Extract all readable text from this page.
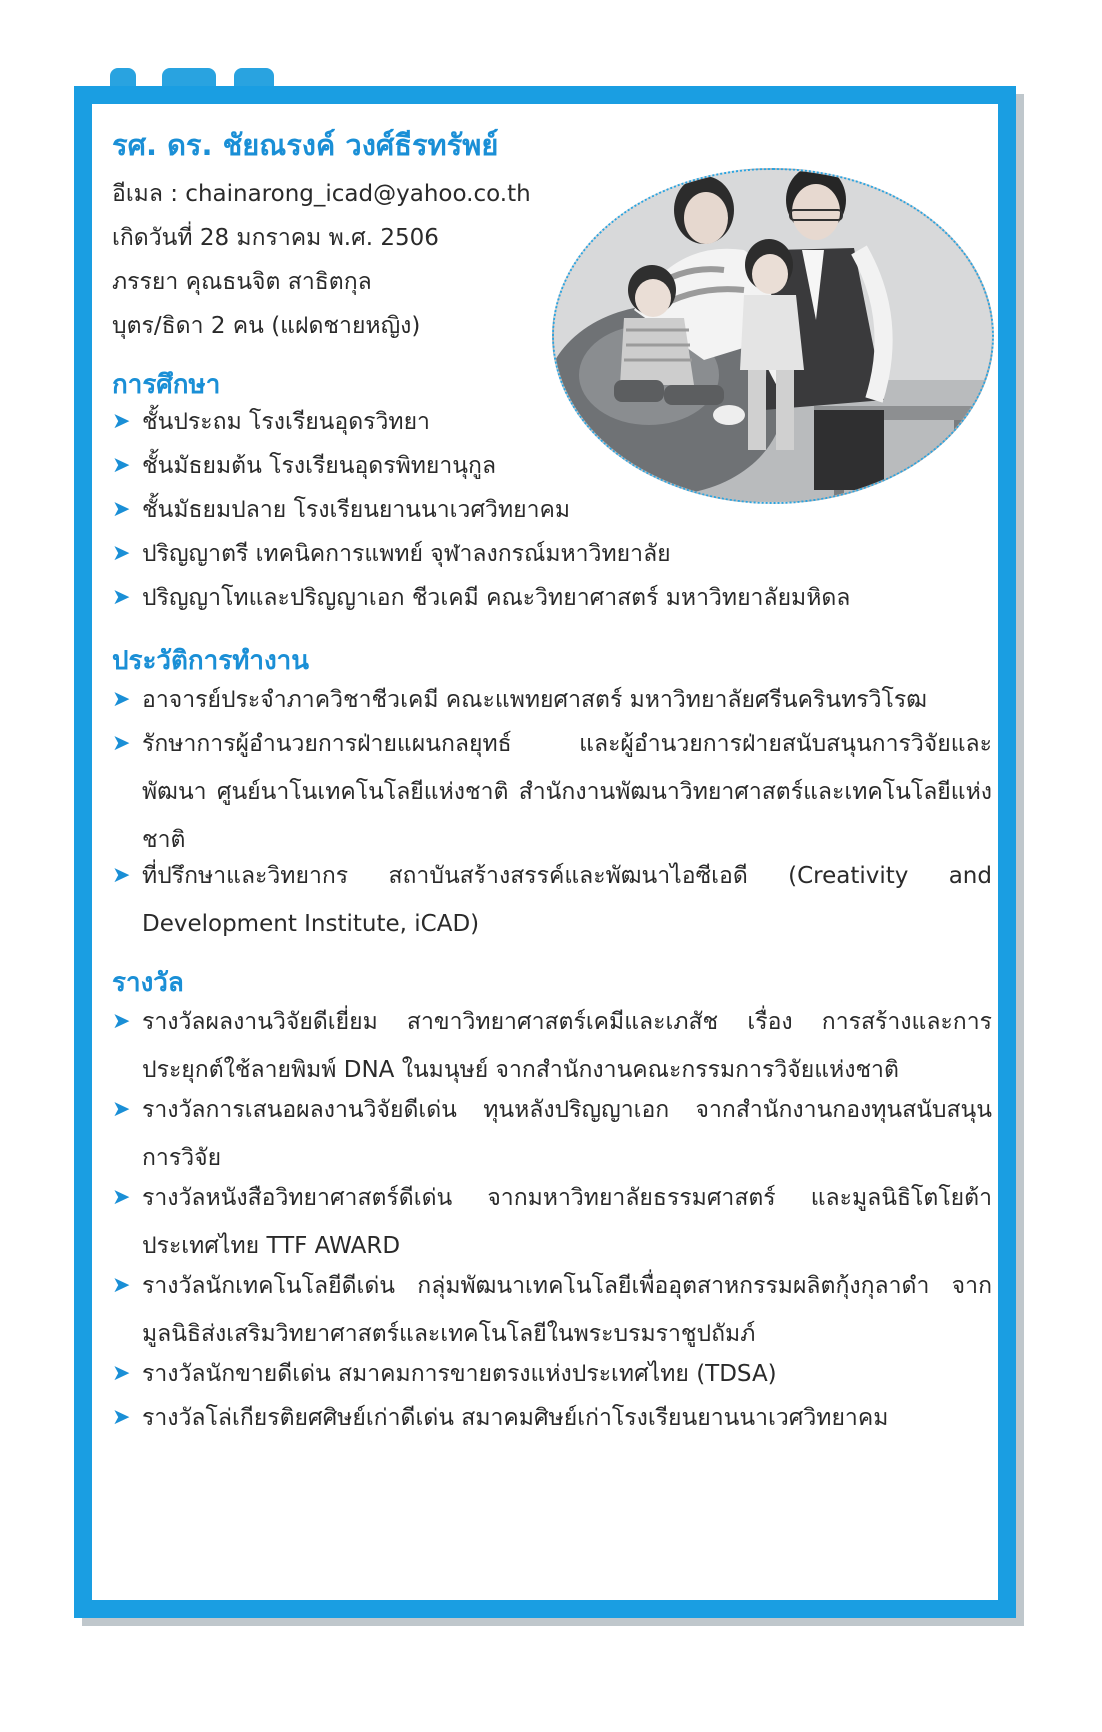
รศ. ดร. ชัยณรงค์ วงศ์ธีรทรัพย์
อีเมล : chainarong_icad@yahoo.co.th
เกิดวันที่ 28 มกราคม พ.ศ. 2506
ภรรยา คุณธนจิต สาธิตกุล
บุตร/ธิดา 2 คน (แฝดชายหญิง)
การศึกษา
➤ ชั้นประถม โรงเรียนอุดรวิทยา
➤ ชั้นมัธยมต้น โรงเรียนอุดรพิทยานุกูล
➤ ชั้นมัธยมปลาย โรงเรียนยานนาเวศวิทยาคม
➤ ปริญญาตรี เทคนิคการแพทย์ จุฬาลงกรณ์มหาวิทยาลัย
➤ ปริญญาโทและปริญญาเอก ชีวเคมี คณะวิทยาศาสตร์ มหาวิทยาลัยมหิดล
ประวัติการทำงาน
➤ อาจารย์ประจำภาควิชาชีวเคมี คณะแพทยศาสตร์ มหาวิทยาลัยศรีนครินทรวิโรฒ
➤ รักษาการผู้อำนวยการฝ่ายแผนกลยุทธ์ และผู้อำนวยการฝ่ายสนับสนุนการวิจัยและพัฒนา ศูนย์นาโนเทคโนโลยีแห่งชาติ สำนักงานพัฒนาวิทยาศาสตร์และเทคโนโลยีแห่งชาติ
➤ ที่ปรึกษาและวิทยากร สถาบันสร้างสรรค์และพัฒนาไอซีเอดี (Creativity and Development Institute, iCAD)
รางวัล
➤ รางวัลผลงานวิจัยดีเยี่ยม สาขาวิทยาศาสตร์เคมีและเภสัช เรื่อง การสร้างและการประยุกต์ใช้ลายพิมพ์ DNA ในมนุษย์ จากสำนักงานคณะกรรมการวิจัยแห่งชาติ
➤ รางวัลการเสนอผลงานวิจัยดีเด่น ทุนหลังปริญญาเอก จากสำนักงานกองทุนสนับสนุนการวิจัย
➤ รางวัลหนังสือวิทยาศาสตร์ดีเด่น จากมหาวิทยาลัยธรรมศาสตร์ และมูลนิธิโตโยต้า ประเทศไทย TTF AWARD
➤ รางวัลนักเทคโนโลยีดีเด่น กลุ่มพัฒนาเทคโนโลยีเพื่ออุตสาหกรรมผลิตกุ้งกุลาดำ จากมูลนิธิส่งเสริมวิทยาศาสตร์และเทคโนโลยีในพระบรมราชูปถัมภ์
➤ รางวัลนักขายดีเด่น สมาคมการขายตรงแห่งประเทศไทย (TDSA)
➤ รางวัลโล่เกียรติยศศิษย์เก่าดีเด่น สมาคมศิษย์เก่าโรงเรียนยานนาเวศวิทยาคม
